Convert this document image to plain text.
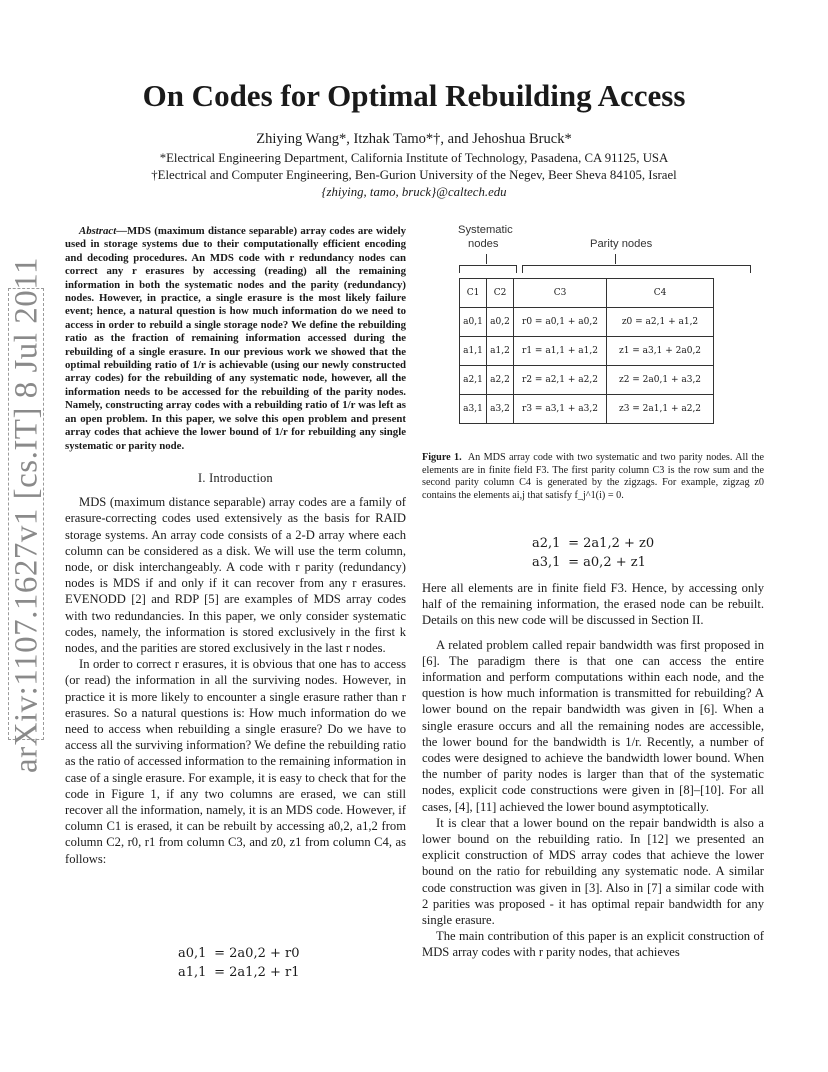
arXiv:1107.1627v1 [cs.IT] 8 Jul 2011
On Codes for Optimal Rebuilding Access
Zhiying Wang*, Itzhak Tamo*†, and Jehoshua Bruck*
*Electrical Engineering Department, California Institute of Technology, Pasadena, CA 91125, USA
†Electrical and Computer Engineering, Ben-Gurion University of the Negev, Beer Sheva 84105, Israel
{zhiying, tamo, bruck}@caltech.edu

Abstract—MDS (maximum distance separable) array codes are widely used in storage systems due to their computationally efficient encoding and decoding procedures. An MDS code with r redundancy nodes can correct any r erasures by accessing (reading) all the remaining information in both the systematic nodes and the parity (redundancy) nodes. However, in practice, a single erasure is the most likely failure event; hence, a natural question is how much information do we need to access in order to rebuild a single storage node? We define the rebuilding ratio as the fraction of remaining information accessed during the rebuilding of a single erasure. In our previous work we showed that the optimal rebuilding ratio of 1/r is achievable (using our newly constructed array codes) for the rebuilding of any systematic node, however, all the information needs to be accessed for the rebuilding of the parity nodes. Namely, constructing array codes with a rebuilding ratio of 1/r was left as an open problem. In this paper, we solve this open problem and present array codes that achieve the lower bound of 1/r for rebuilding any single systematic or parity node.

I. Introduction

MDS (maximum distance separable) array codes are a family of erasure-correcting codes used extensively as the basis for RAID storage systems. An array code consists of a 2-D array where each column can be considered as a disk. We will use the term column, node, or disk interchangeably. A code with r parity (redundancy) nodes is MDS if and only if it can recover from any r erasures. EVENODD [2] and RDP [5] are examples of MDS array codes with two redundancies. In this paper, we only consider systematic codes, namely, the information is stored exclusively in the first k nodes, and the parities are stored exclusively in the last r nodes.

In order to correct r erasures, it is obvious that one has to access (or read) the information in all the surviving nodes. However, in practice it is more likely to encounter a single erasure rather than r erasures. So a natural questions is: How much information do we need to access when rebuilding a single erasure? Do we have to access all the surviving information? We define the rebuilding ratio as the ratio of accessed information to the remaining information in case of a single erasure. For example, it is easy to check that for the code in Figure 1, if any two columns are erased, we can still recover all the information, namely, it is an MDS code. However, if column C1 is erased, it can be rebuilt by accessing a0,2, a1,2 from column C2, r0, r1 from column C3, and z0, z1 from column C4, as follows:

a0,1 = 2a0,2 + r0
a1,1 = 2a1,2 + r1
Systematic
nodes	Parity nodes
C1	C2	C3	C4
a0,1	a0,2	r0 = a0,1 + a0,2	z0 = a2,1 + a1,2
a1,1	a1,2	r1 = a1,1 + a1,2	z1 = a3,1 + 2a0,2
a2,1	a2,2	r2 = a2,1 + a2,2	z2 = 2a0,1 + a3,2
a3,1	a3,2	r3 = a3,1 + a3,2	z3 = 2a1,1 + a2,2
Figure 1. An MDS array code with two systematic and two parity nodes. All the elements are in finite field F3. The first parity column C3 is the row sum and the second parity column C4 is generated by the zigzags. For example, zigzag z0 contains the elements ai,j that satisfy f_j^1(i) = 0.
a2,1 = 2a1,2 + z0
a3,1 = a0,2 + z1

Here all elements are in finite field F3. Hence, by accessing only half of the remaining information, the erased node can be rebuilt. Details on this new code will be discussed in Section II.

A related problem called repair bandwidth was first proposed in [6]. The paradigm there is that one can access the entire information and perform computations within each node, and the question is how much information is transmitted for rebuilding? A lower bound on the repair bandwidth was given in [6]. When a single erasure occurs and all the remaining nodes are accessible, the lower bound for the bandwidth is 1/r. Recently, a number of codes were designed to achieve the bandwidth lower bound. When the number of parity nodes is larger than that of the systematic nodes, explicit code constructions were given in [8]–[10]. For all cases, [4], [11] achieved the lower bound asymptotically.

It is clear that a lower bound on the repair bandwidth is also a lower bound on the rebuilding ratio. In [12] we presented an explicit construction of MDS array codes that achieve the lower bound on the ratio for rebuilding any systematic node. A similar code construction was given in [3]. Also in [7] a similar code with 2 parities was proposed - it has optimal repair bandwidth for any single erasure.

The main contribution of this paper is an explicit construction of MDS array codes with r parity nodes, that achieves
